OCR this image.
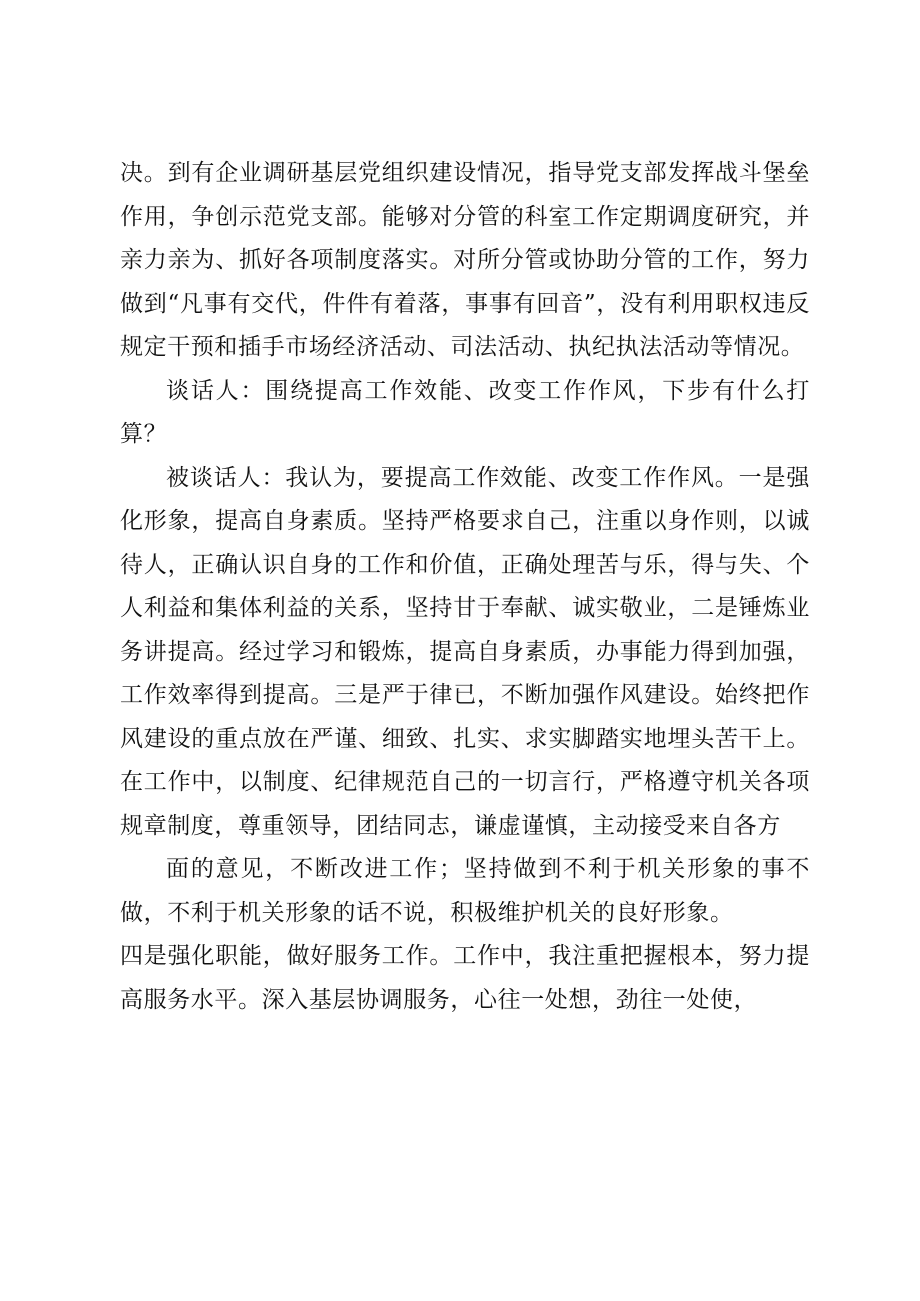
决。到有企业调研基层党组织建设情况，指导党支部发挥战斗堡垒作用，争创示范党支部。能够对分管的科室工作定期调度研究，并亲力亲为、抓好各项制度落实。对所分管或协助分管的工作，努力做到“凡事有交代，件件有着落，事事有回音”，没有利用职权违反规定干预和插手市场经济活动、司法活动、执纪执法活动等情况。

谈话人：围绕提高工作效能、改变工作作风，下步有什么打算？

被谈话人：我认为，要提高工作效能、改变工作作风。一是强化形象，提高自身素质。坚持严格要求自己，注重以身作则，以诚待人，正确认识自身的工作和价值，正确处理苦与乐，得与失、个人利益和集体利益的关系，坚持甘于奉献、诚实敬业，二是锤炼业务讲提高。经过学习和锻炼，提高自身素质，办事能力得到加强，工作效率得到提高。三是严于律已，不断加强作风建设。始终把作风建设的重点放在严谨、细致、扎实、求实脚踏实地埋头苦干上。在工作中，以制度、纪律规范自己的一切言行，严格遵守机关各项规章制度，尊重领导，团结同志，谦虚谨慎，主动接受来自各方

面的意见，不断改进工作；坚持做到不利于机关形象的事不做，不利于机关形象的话不说，积极维护机关的良好形象。

四是强化职能，做好服务工作。工作中，我注重把握根本，努力提高服务水平。深入基层协调服务，心往一处想，劲往一处使，
